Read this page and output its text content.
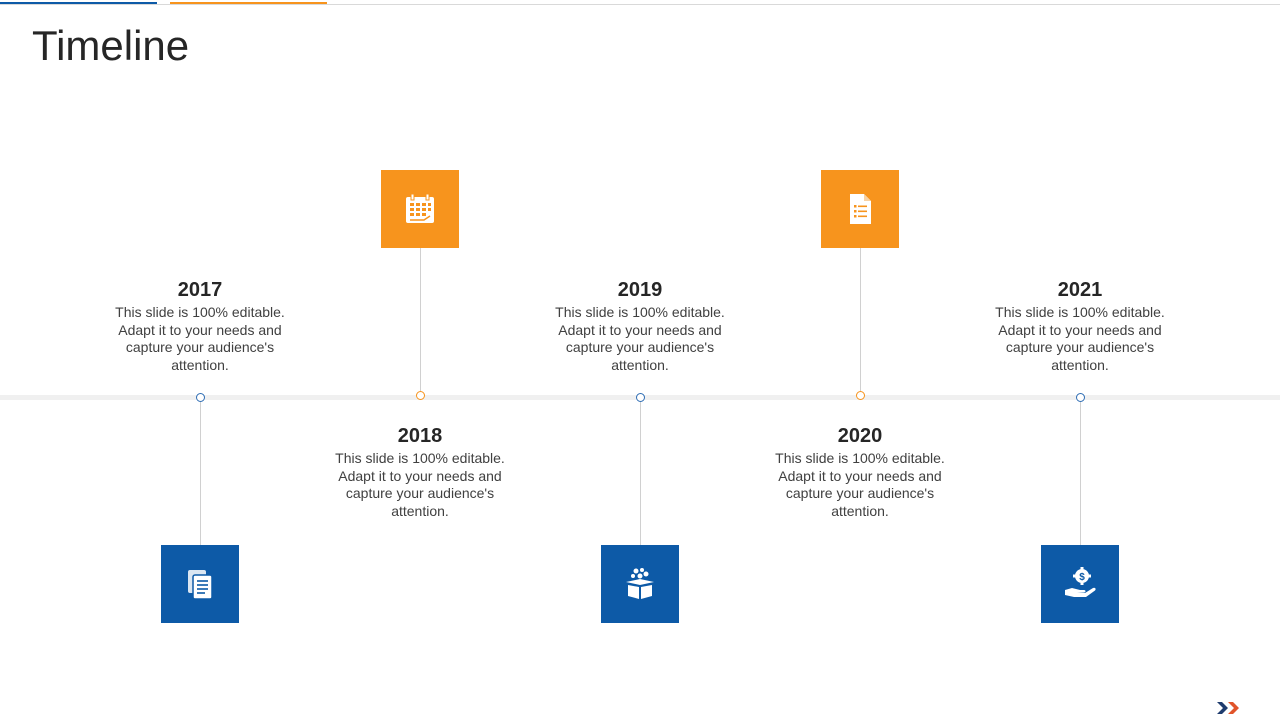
Timeline
2017
This slide is 100% editable. Adapt it to your needs and capture your audience's attention.
2018
This slide is 100% editable. Adapt it to your needs and capture your audience's attention.
2019
This slide is 100% editable. Adapt it to your needs and capture your audience's attention.
2020
This slide is 100% editable. Adapt it to your needs and capture your audience's attention.
$
2021
This slide is 100% editable. Adapt it to your needs and capture your audience's attention.
